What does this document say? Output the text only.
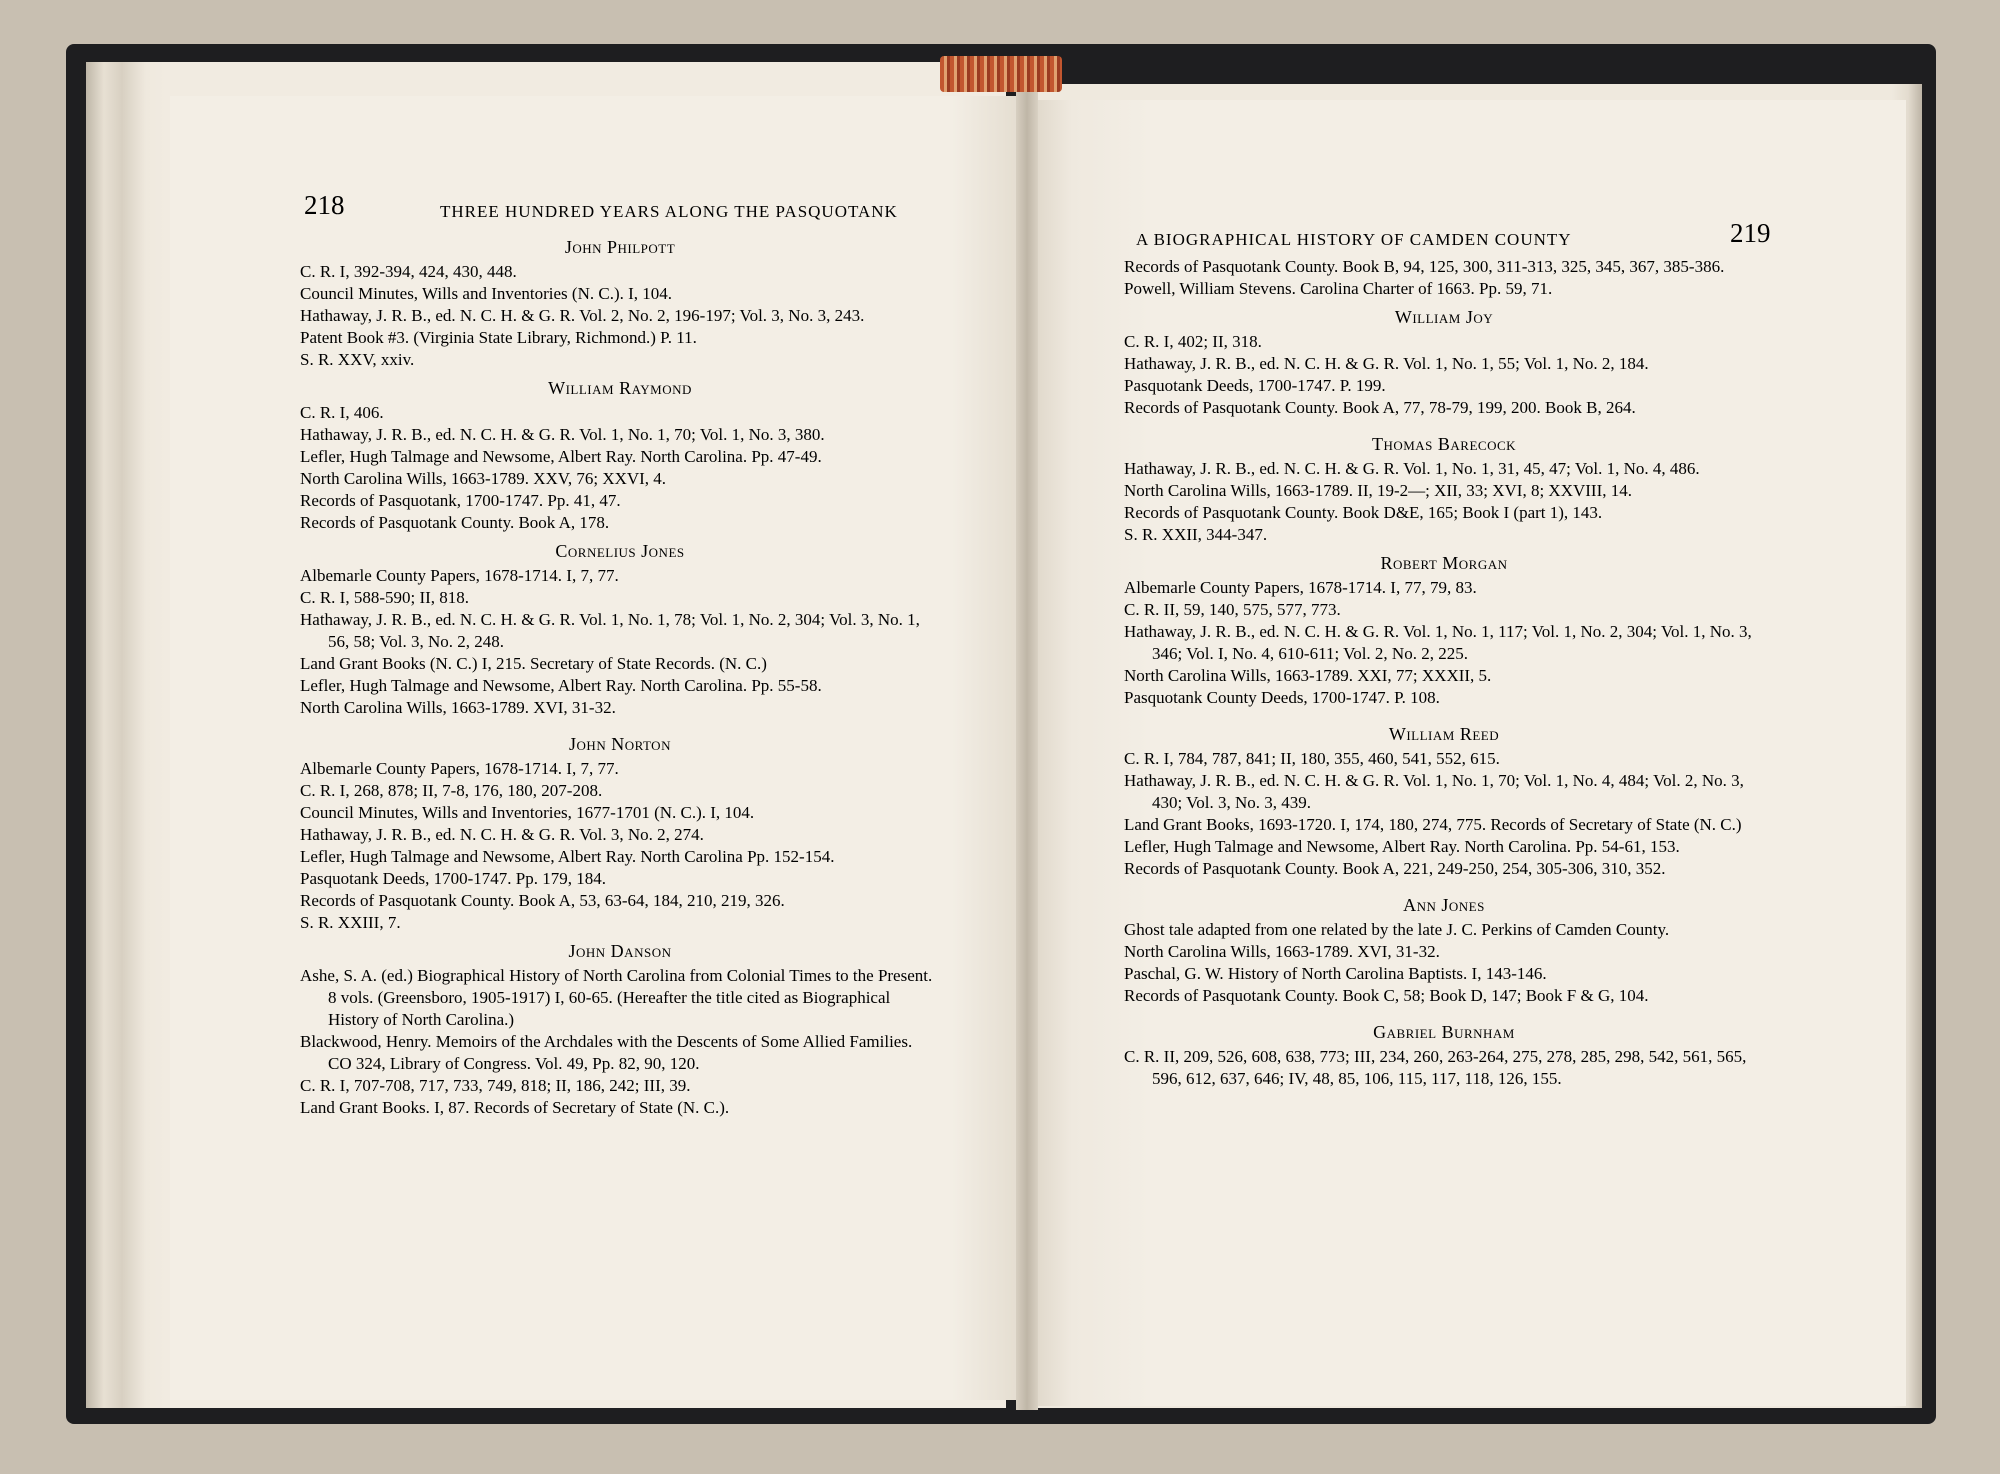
218	THREE HUNDRED YEARS ALONG THE PASQUOTANK

John Philpott

C. R. I, 392-394, 424, 430, 448.

Council Minutes, Wills and Inventories (N. C.). I, 104.

Hathaway, J. R. B., ed. N. C. H. & G. R. Vol. 2, No. 2, 196-197; Vol. 3, No. 3, 243.

Patent Book #3. (Virginia State Library, Richmond.) P. 11.

S. R. XXV, xxiv.

William Raymond

C. R. I, 406.

Hathaway, J. R. B., ed. N. C. H. & G. R. Vol. 1, No. 1, 70; Vol. 1, No. 3, 380.

Lefler, Hugh Talmage and Newsome, Albert Ray. North Carolina. Pp. 47-49.

North Carolina Wills, 1663-1789. XXV, 76; XXVI, 4.

Records of Pasquotank, 1700-1747. Pp. 41, 47.

Records of Pasquotank County. Book A, 178.

Cornelius Jones

Albemarle County Papers, 1678-1714. I, 7, 77.

C. R. I, 588-590; II, 818.

Hathaway, J. R. B., ed. N. C. H. & G. R. Vol. 1, No. 1, 78; Vol. 1, No. 2, 304; Vol. 3, No. 1, 56, 58; Vol. 3, No. 2, 248.

Land Grant Books (N. C.) I, 215. Secretary of State Records. (N. C.)

Lefler, Hugh Talmage and Newsome, Albert Ray. North Carolina. Pp. 55-58.

North Carolina Wills, 1663-1789. XVI, 31-32.

John Norton

Albemarle County Papers, 1678-1714. I, 7, 77.

C. R. I, 268, 878; II, 7-8, 176, 180, 207-208.

Council Minutes, Wills and Inventories, 1677-1701 (N. C.). I, 104.

Hathaway, J. R. B., ed. N. C. H. & G. R. Vol. 3, No. 2, 274.

Lefler, Hugh Talmage and Newsome, Albert Ray. North Carolina Pp. 152-154.

Pasquotank Deeds, 1700-1747. Pp. 179, 184.

Records of Pasquotank County. Book A, 53, 63-64, 184, 210, 219, 326.

S. R. XXIII, 7.

John Danson

Ashe, S. A. (ed.) Biographical History of North Carolina from Colonial Times to the Present. 8 vols. (Greensboro, 1905-1917) I, 60-65. (Hereafter the title cited as Biographical History of North Carolina.)

Blackwood, Henry. Memoirs of the Archdales with the Descents of Some Allied Families. CO 324, Library of Congress. Vol. 49, Pp. 82, 90, 120.

C. R. I, 707-708, 717, 733, 749, 818; II, 186, 242; III, 39.

Land Grant Books. I, 87. Records of Secretary of State (N. C.).

A BIOGRAPHICAL HISTORY OF CAMDEN COUNTY	219

Records of Pasquotank County. Book B, 94, 125, 300, 311-313, 325, 345, 367, 385-386.

Powell, William Stevens. Carolina Charter of 1663. Pp. 59, 71.

William Joy

C. R. I, 402; II, 318.

Hathaway, J. R. B., ed. N. C. H. & G. R. Vol. 1, No. 1, 55; Vol. 1, No. 2, 184.

Pasquotank Deeds, 1700-1747. P. 199.

Records of Pasquotank County. Book A, 77, 78-79, 199, 200. Book B, 264.

Thomas Barecock

Hathaway, J. R. B., ed. N. C. H. & G. R. Vol. 1, No. 1, 31, 45, 47; Vol. 1, No. 4, 486.

North Carolina Wills, 1663-1789. II, 19-2—; XII, 33; XVI, 8; XXVIII, 14.

Records of Pasquotank County. Book D&E, 165; Book I (part 1), 143.

S. R. XXII, 344-347.

Robert Morgan

Albemarle County Papers, 1678-1714. I, 77, 79, 83.

C. R. II, 59, 140, 575, 577, 773.

Hathaway, J. R. B., ed. N. C. H. & G. R. Vol. 1, No. 1, 117; Vol. 1, No. 2, 304; Vol. 1, No. 3, 346; Vol. I, No. 4, 610-611; Vol. 2, No. 2, 225.

North Carolina Wills, 1663-1789. XXI, 77; XXXII, 5.

Pasquotank County Deeds, 1700-1747. P. 108.

William Reed

C. R. I, 784, 787, 841; II, 180, 355, 460, 541, 552, 615.

Hathaway, J. R. B., ed. N. C. H. & G. R. Vol. 1, No. 1, 70; Vol. 1, No. 4, 484; Vol. 2, No. 3, 430; Vol. 3, No. 3, 439.

Land Grant Books, 1693-1720. I, 174, 180, 274, 775. Records of Secretary of State (N. C.)

Lefler, Hugh Talmage and Newsome, Albert Ray. North Carolina. Pp. 54-61, 153.

Records of Pasquotank County. Book A, 221, 249-250, 254, 305-306, 310, 352.

Ann Jones

Ghost tale adapted from one related by the late J. C. Perkins of Camden County.

North Carolina Wills, 1663-1789. XVI, 31-32.

Paschal, G. W. History of North Carolina Baptists. I, 143-146.

Records of Pasquotank County. Book C, 58; Book D, 147; Book F & G, 104.

Gabriel Burnham

C. R. II, 209, 526, 608, 638, 773; III, 234, 260, 263-264, 275, 278, 285, 298, 542, 561, 565, 596, 612, 637, 646; IV, 48, 85, 106, 115, 117, 118, 126, 155.
